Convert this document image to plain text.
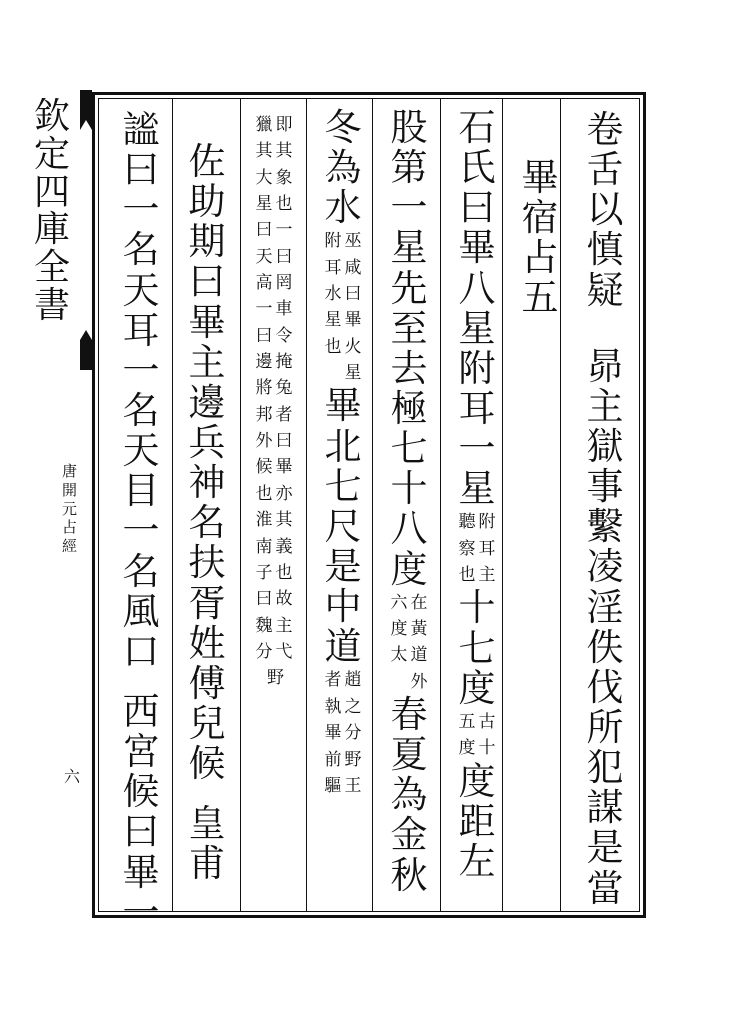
欽
定
四
庫
全
書
唐
開
元
占
經
六
卷
舌
以
慎
疑
昴
主
獄
事
繫
凌
淫
佚
伐
所
犯
謀
是
當
畢
宿
占
五
石
氏
曰
畢
八
星
附
耳
一
星
附
耳
主
聽
察
也
十
七
度
古
十
五
度
度
距
左
股
第
一
星
先
至
去
極
七
十
八
度
在
黃
道
外
六
度
太
春
夏
為
金
秋
冬
為
水
巫
咸
曰
畢
火
星
附
耳
水
星
也
畢
北
七
尺
是
中
道
趙
之
分
野
王
者
執
畢
前
驅
即
其
象
也
一
曰
罔
車
令
掩
兔
者
曰
畢
亦
其
義
也
故
主
弋
獵
其
大
星
曰
天
高
一
曰
邊
將
邦
外
候
也
淮
南
子
曰
魏
分
野
佐
助
期
曰
畢
主
邊
兵
神
名
扶
胥
姓
傅
兒
候
皇
甫
謐
曰
一
名
天
耳
一
名
天
目
一
名
風
口
西
宮
候
曰
畢
一
